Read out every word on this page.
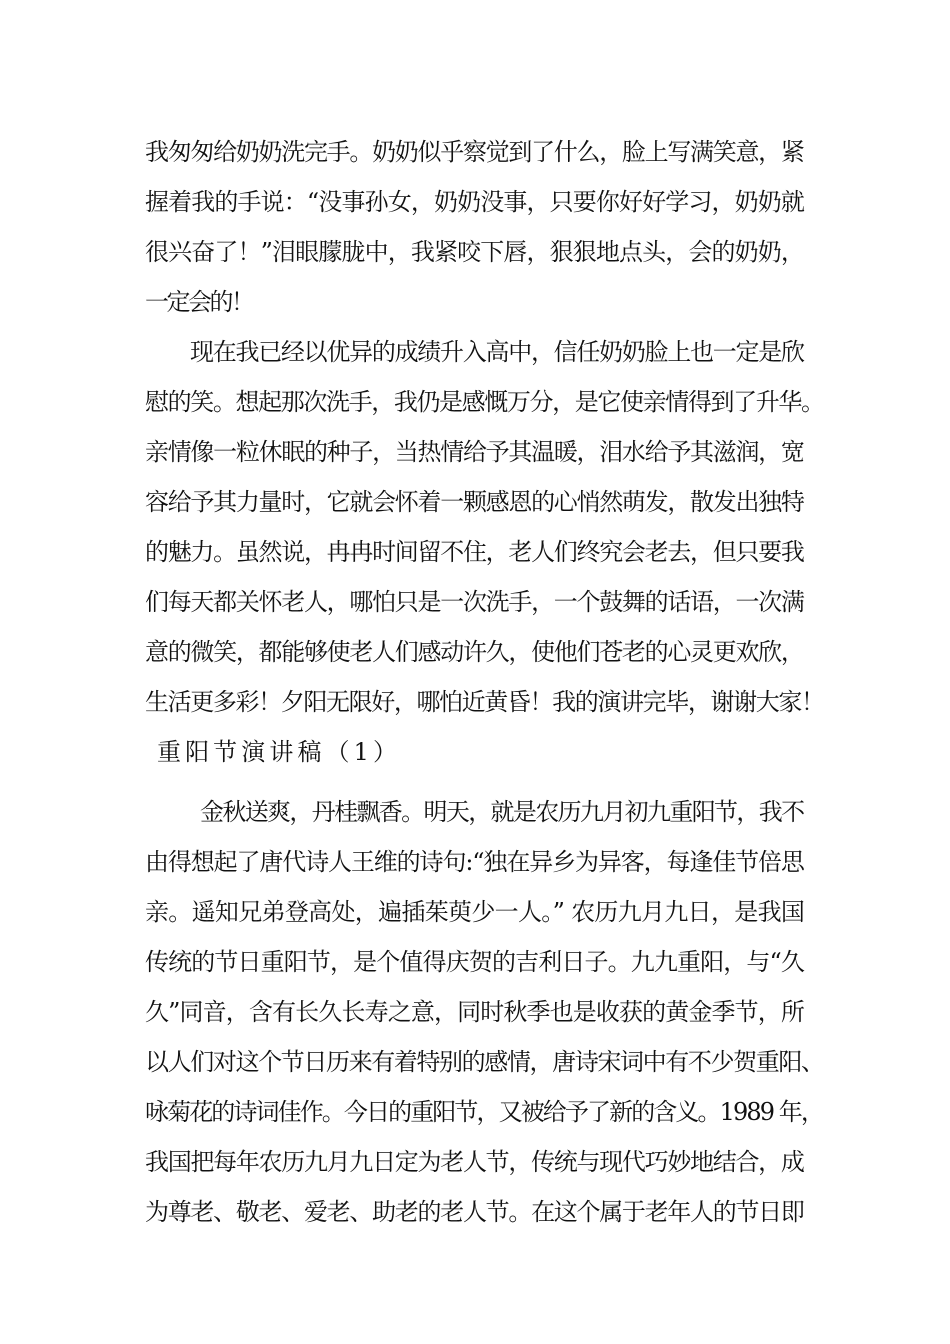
我匆匆给奶奶洗完手。奶奶似乎察觉到了什么，脸上写满笑意，紧
握着我的手说：“没事孙女，奶奶没事，只要你好好学习，奶奶就
很兴奋了！”泪眼朦胧中，我紧咬下唇，狠狠地点头，会的奶奶，
一定会的！
现在我已经以优异的成绩升入高中，信任奶奶脸上也一定是欣
慰的笑。想起那次洗手，我仍是感慨万分，是它使亲情得到了升华。
亲情像一粒休眠的种子，当热情给予其温暖，泪水给予其滋润，宽
容给予其力量时，它就会怀着一颗感恩的心悄然萌发，散发出独特
的魅力。虽然说，冉冉时间留不住，老人们终究会老去，但只要我
们每天都关怀老人，哪怕只是一次洗手，一个鼓舞的话语，一次满
意的微笑，都能够使老人们感动许久，使他们苍老的心灵更欢欣，
生活更多彩！夕阳无限好，哪怕近黄昏！我的演讲完毕，谢谢大家！
重阳节演讲稿（1）
金秋送爽，丹桂飘香。明天，就是农历九月初九重阳节，我不
由得想起了唐代诗人王维的诗句:“独在异乡为异客，每逢佳节倍思
亲。遥知兄弟登高处，遍插茱萸少一人。” 农历九月九日，是我国
传统的节日重阳节，是个值得庆贺的吉利日子。九九重阳，与“久
久”同音，含有长久长寿之意，同时秋季也是收获的黄金季节，所
以人们对这个节日历来有着特别的感情，唐诗宋词中有不少贺重阳、
咏菊花的诗词佳作。今日的重阳节，又被给予了新的含义。1989 年，
我国把每年农历九月九日定为老人节，传统与现代巧妙地结合，成
为尊老、敬老、爱老、助老的老人节。在这个属于老年人的节日即
